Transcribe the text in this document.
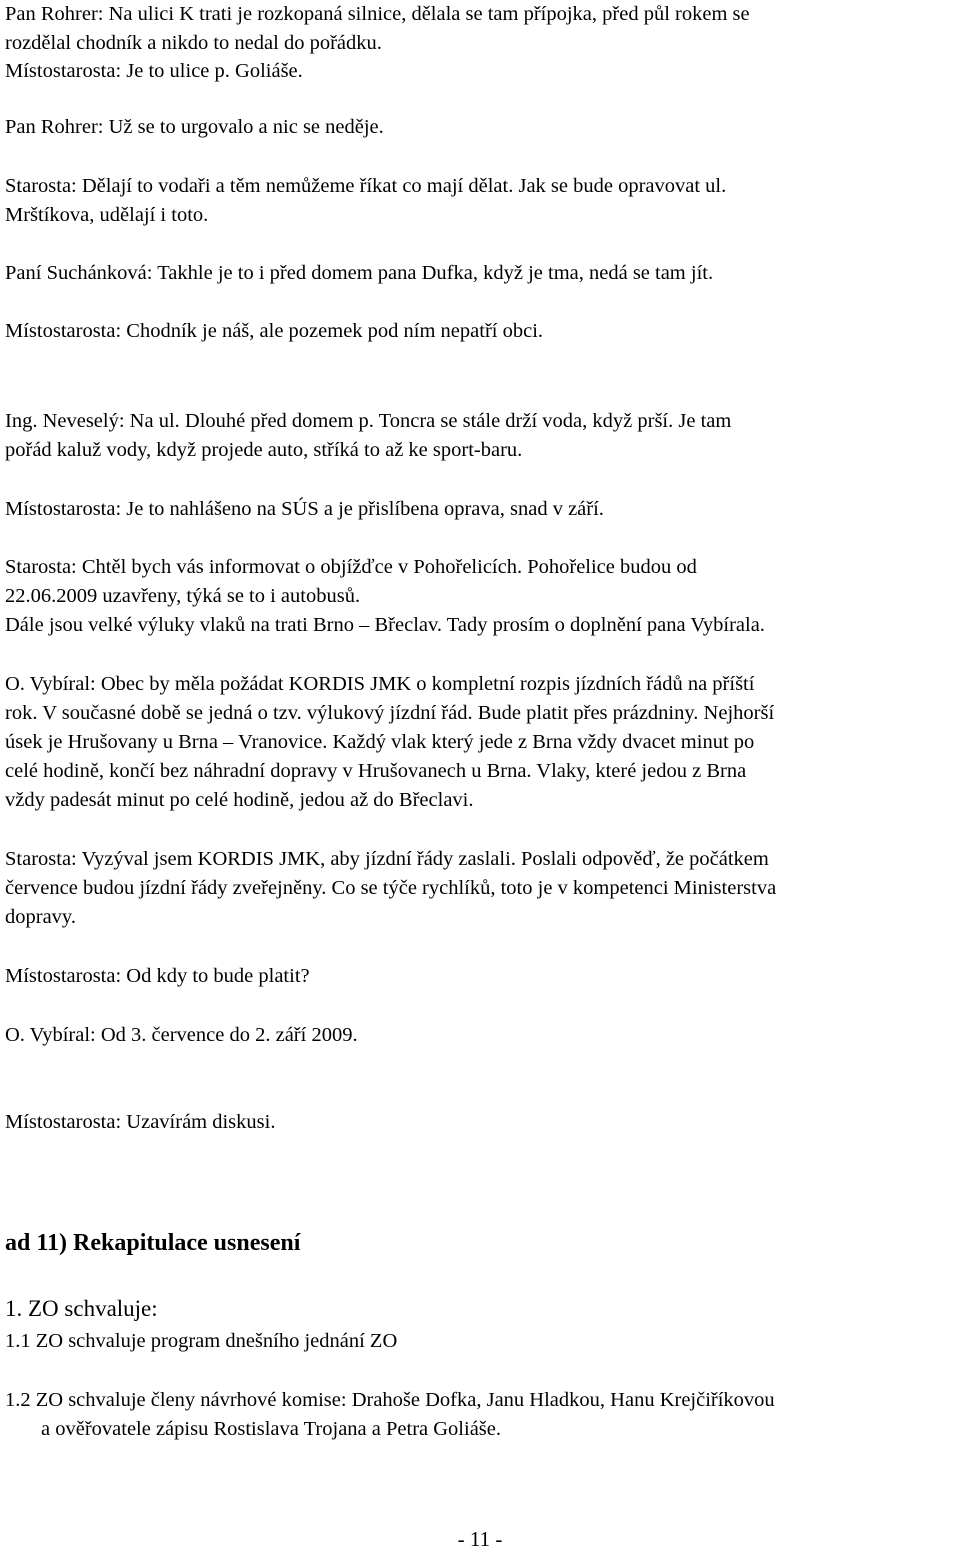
Pan Rohrer: Na ulici K trati je rozkopaná silnice, dělala se tam přípojka, před půl rokem se
rozdělal chodník a nikdo to nedal do pořádku.
Místostarosta: Je to ulice p. Goliáše.
Pan Rohrer: Už se to urgovalo a nic se neděje.
Starosta: Dělají to vodaři a těm nemůžeme říkat co mají dělat. Jak se bude opravovat ul.
Mrštíkova, udělají i toto.
Paní Suchánková: Takhle je to i před domem pana Dufka, když je tma, nedá se tam jít.
Místostarosta: Chodník je náš, ale pozemek pod ním nepatří obci.
Ing. Neveselý: Na ul. Dlouhé před domem p. Toncra se stále drží voda, když prší. Je tam
pořád kaluž vody, když projede auto, stříká to až ke sport-baru.
Místostarosta: Je to nahlášeno na SÚS a je přislíbena oprava, snad v září.
Starosta: Chtěl bych vás informovat o objížďce v Pohořelicích. Pohořelice budou od
22.06.2009 uzavřeny, týká se to i autobusů.
Dále jsou velké výluky vlaků na trati Brno – Břeclav. Tady prosím o doplnění pana Vybírala.
O. Vybíral: Obec by měla požádat KORDIS JMK o kompletní rozpis jízdních řádů na příští
rok. V současné době se jedná o tzv. výlukový jízdní řád. Bude platit přes prázdniny. Nejhorší
úsek je Hrušovany u Brna – Vranovice. Každý vlak který jede z Brna vždy dvacet minut po
celé hodině, končí bez náhradní dopravy v Hrušovanech u Brna. Vlaky, které jedou z Brna
vždy padesát minut po celé hodině, jedou až do Břeclavi.
Starosta: Vyzýval jsem KORDIS JMK, aby jízdní řády zaslali. Poslali odpověď, že počátkem
července budou jízdní řády zveřejněny. Co se týče rychlíků, toto je v kompetenci Ministerstva
dopravy.
Místostarosta: Od kdy to bude platit?
O. Vybíral: Od 3. července do 2. září 2009.
Místostarosta: Uzavírám diskusi.
ad 11) Rekapitulace usnesení
1. ZO schvaluje:
1.1 ZO schvaluje program dnešního jednání ZO
1.2 ZO schvaluje členy návrhové komise: Drahoše Dofka, Janu Hladkou, Hanu Krejčiříkovou
a ověřovatele zápisu Rostislava Trojana a Petra Goliáše.
- 11 -
